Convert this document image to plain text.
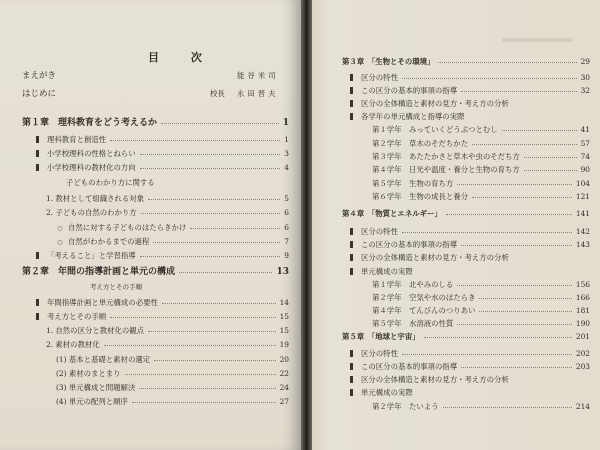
目 次
まえがき	能谷米司
はじめに	校長 永田晋夫
第１章　理科教育をどう考えるか	1
理科教育と創造性	1
小学校理科の性格とねらい	3
小学校理科の教材化の方向	4
子どものわかり方に関する
1. 教材として組織される対象	5
2. 子どもの自然のわかり方	6
○ 自然に対する子どものはたらきかけ	6
○ 自然がわかるまでの過程	7
「考えること」と学習指導	9
第２章　年間の指導計画と単元の構成	13
考え方とその手順
年間指導計画と単元構成の必要性	14
考え方とその手順	15
1. 自然の区分と教材化の観点	15
2. 素材の教材化	19
(1) 基本と基礎と素材の選定	20
(2) 素材のまとまり	22
(3) 単元構成と問題解決	24
(4) 単元の配列と順序	27
第３章　「生物とその環境」	29
区分の特性	30
この区分の基本的事項の指導	32
区分の全体構造と素材の見方・考え方の分析
各学年の単元構成と指導の実際
第１学年　みっていくどうぶつとむし	41
第２学年　草木のそだちかた	57
第３学年　あたたかさと草木や虫のそだち方	74
第４学年　日光や温度・養分と生物の育ち方	90
第５学年　生物の育ち方	104
第６学年　生物の成長と養分	121
第４章　「物質とエネルギー」	141
区分の特性	142
この区分の基本的事項の指導	143
区分の全体構造と素材の見方・考え方の分析
単元構成の実際
第１学年　北やみのしる	156
第２学年　空気や水のはたらき	166
第４学年　てんびんのつりあい	181
第５学年　水溶液の性質	190
第５章　「地球と宇宙」	201
区分の特性	202
この区分の基本的事項の指導	203
区分の全体構造と素材の見方・考え方の分析
単元構成の実際
第２学年　たいよう	214
